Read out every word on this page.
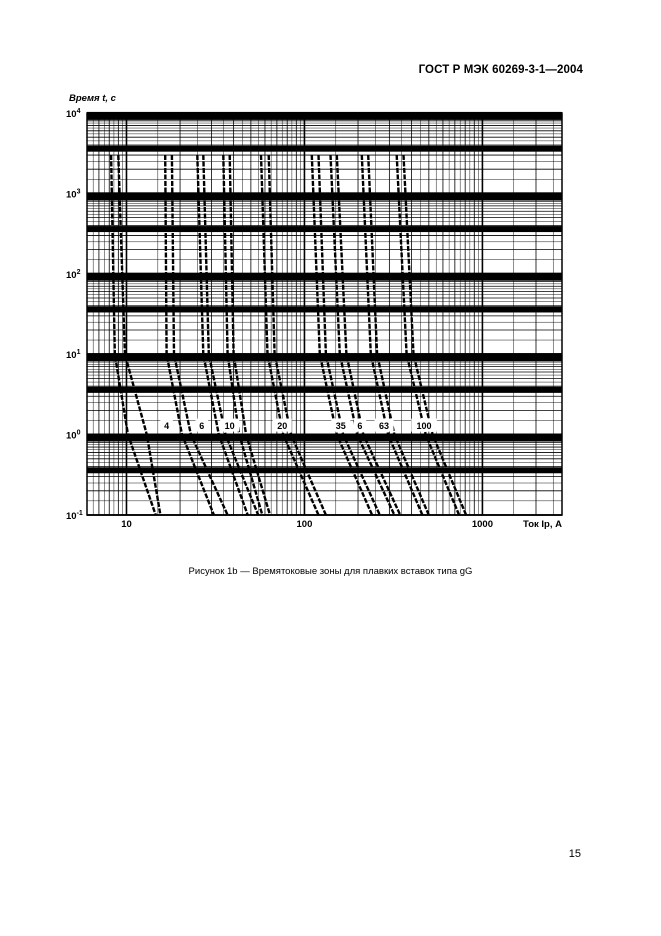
ГОСТ Р МЭК 60269-3-1—2004
4	6 10	20	35 6 63	100
$10^4$
$10^3$
$10^2$
$10^1$
$10^0$
$10^{-1}$
10	100	1000
Время t, с
Ток Ip, А
Рисунок 1b — Времятоковые зоны для плавких вставок типа gG
15
